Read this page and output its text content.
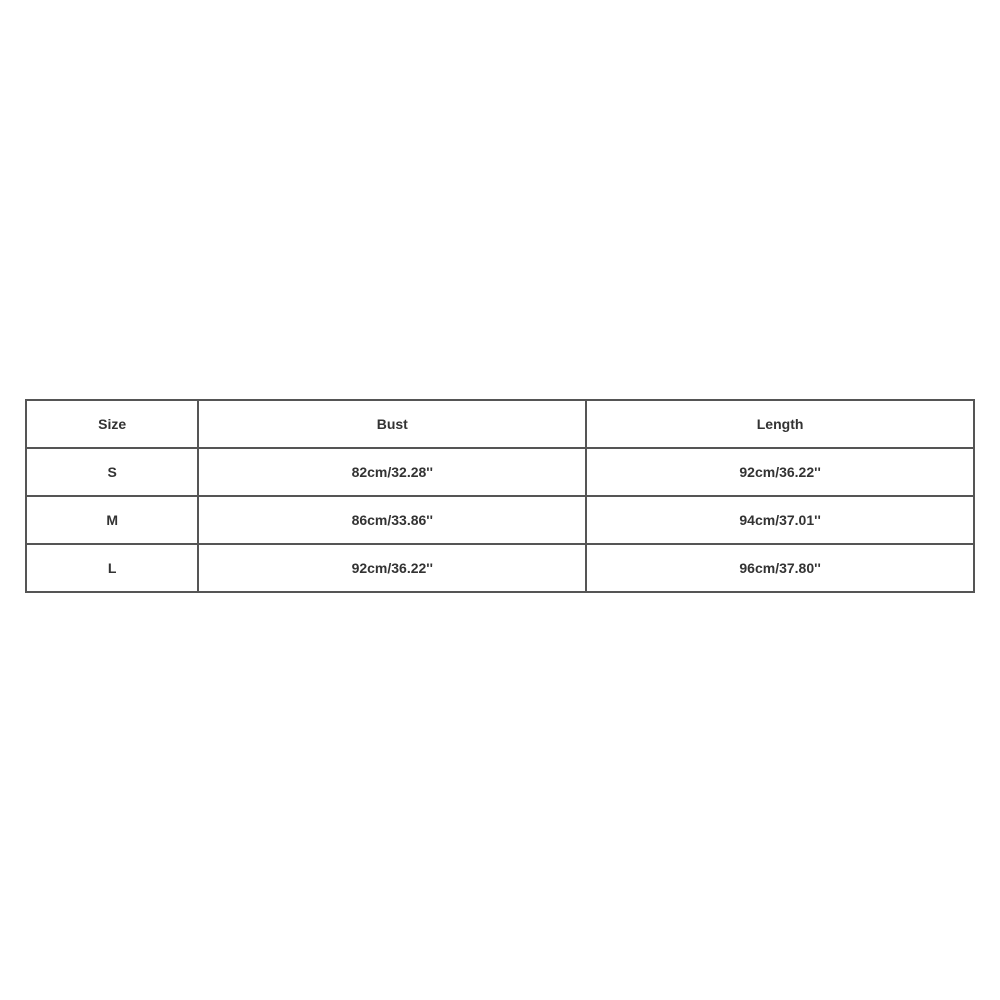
Size	Bust	Length
S	82cm/32.28''	92cm/36.22''
M	86cm/33.86''	94cm/37.01''
L	92cm/36.22''	96cm/37.80''
